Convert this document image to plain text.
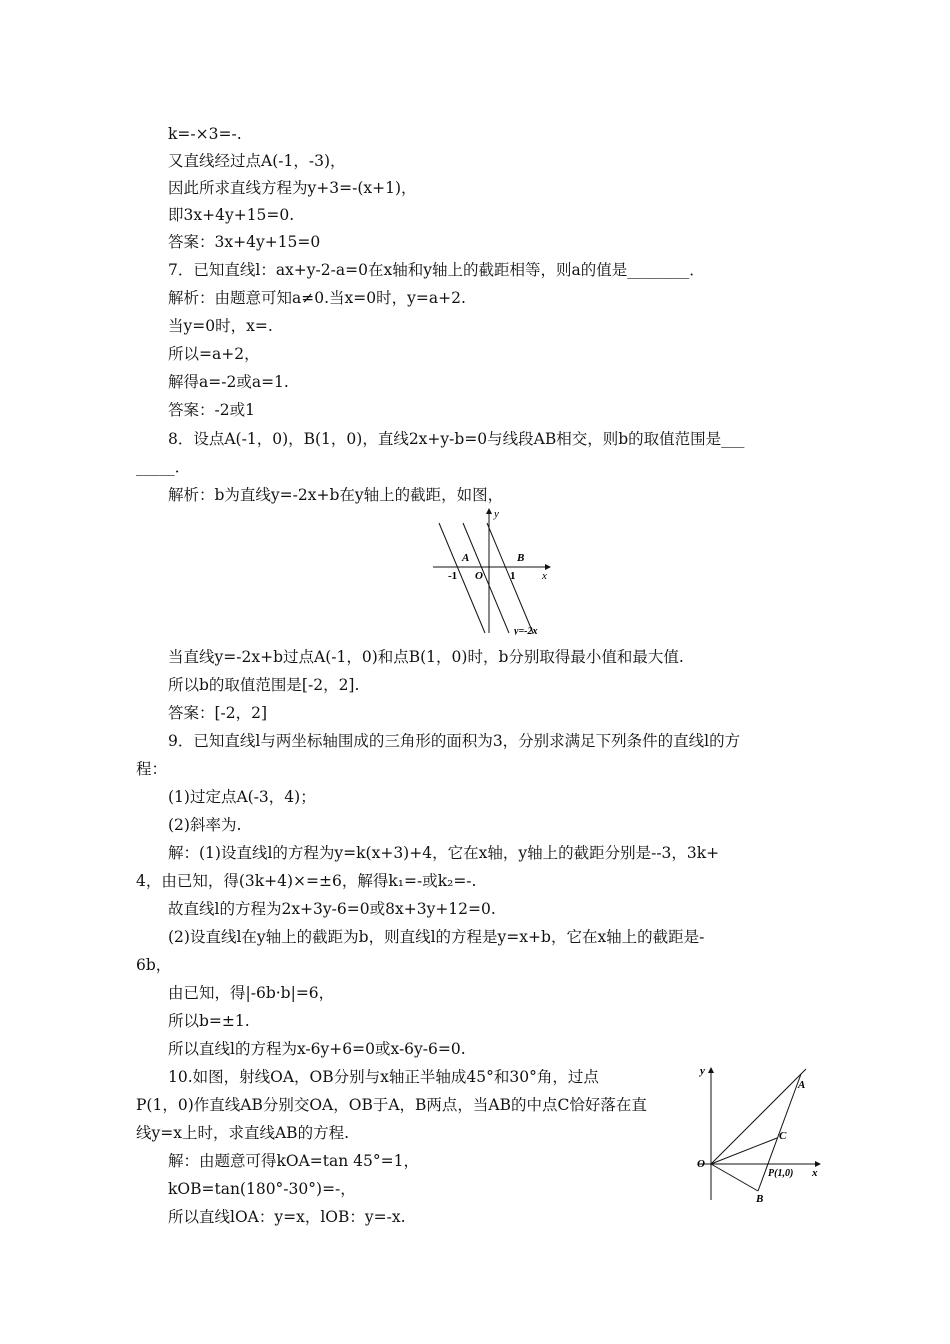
k=-×3=-.
又直线经过点A(-1，-3)，
因此所求直线方程为y+3=-(x+1)，
即3x+4y+15=0.
答案：3x+4y+15=0
7．已知直线l：ax+y-2-a=0在x轴和y轴上的截距相等，则a的值是________．
解析：由题意可知a≠0.当x=0时，y=a+2.
当y=0时，x=.
所以=a+2，
解得a=-2或a=1.
答案：-2或1
8．设点A(-1，0)，B(1，0)，直线2x+y-b=0与线段AB相交，则b的取值范围是___
_____．
解析：b为直线y=-2x+b在y轴上的截距，如图，
y
x
A	B
O
-1	1
y=-2x
当直线y=-2x+b过点A(-1，0)和点B(1，0)时，b分别取得最小值和最大值.
所以b的取值范围是[-2，2].
答案：[-2，2]
9．已知直线l与两坐标轴围成的三角形的面积为3，分别求满足下列条件的直线l的方
程：
(1)过定点A(-3，4)；
(2)斜率为.
解：(1)设直线l的方程为y=k(x+3)+4，它在x轴，y轴上的截距分别是--3，3k+
4，由已知，得(3k+4)×=±6，解得k₁=-或k₂=-.
故直线l的方程为2x+3y-6=0或8x+3y+12=0.
(2)设直线l在y轴上的截距为b，则直线l的方程是y=x+b，它在x轴上的截距是-
6b，
由已知，得|-6b·b|=6，
所以b=±1.
所以直线l的方程为x-6y+6=0或x-6y-6=0.
10.如图，射线OA，OB分别与x轴正半轴成45°和30°角，过点
P(1，0)作直线AB分别交OA，OB于A，B两点，当AB的中点C恰好落在直
线y=x上时，求直线AB的方程.
解：由题意可得kOA=tan 45°=1，
kOB=tan(180°-30°)=-，
所以直线lOA：y=x，lOB：y=-x.
y
x
O
A
C
P(1,0)
B
